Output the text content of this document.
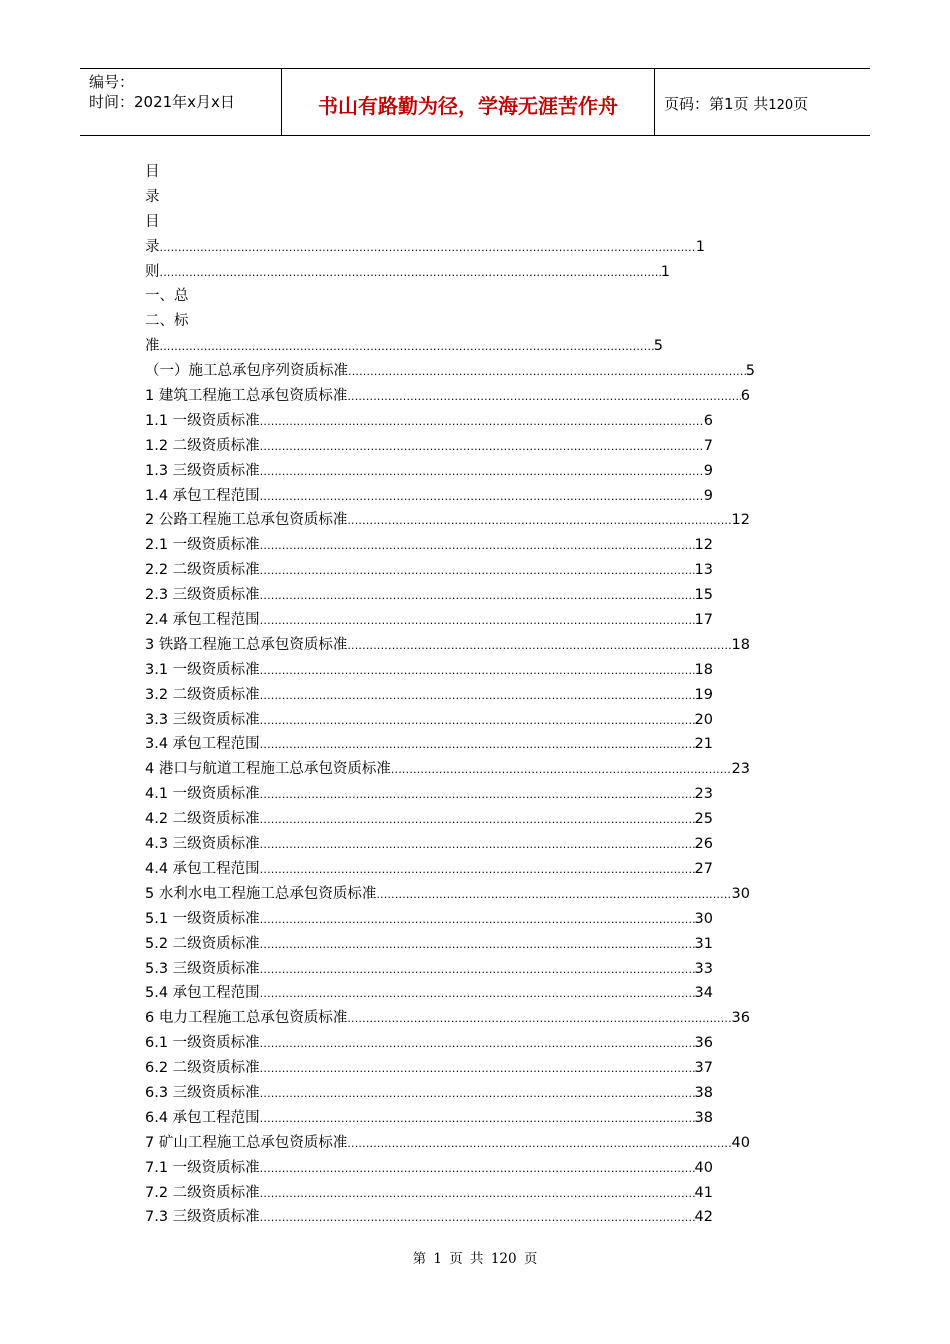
编号：
时间：2021年x月x日	书山有路勤为径，学海无涯苦作舟	页码：第1页 共120页
目
录
目
录 .....	1
则 .....	1
一、总
二、标
准 .....	5
（一）施工总承包序列资质标准 .....	5
1 建筑工程施工总承包资质标准 .....	6
1.1 一级资质标准 .....	6
1.2 二级资质标准 .....	7
1.3 三级资质标准 .....	9
1.4 承包工程范围 .....	9
2 公路工程施工总承包资质标准 .....	12
2.1 一级资质标准 .....	12
2.2 二级资质标准 .....	13
2.3 三级资质标准 .....	15
2.4 承包工程范围 .....	17
3 铁路工程施工总承包资质标准 .....	18
3.1 一级资质标准 .....	18
3.2 二级资质标准 .....	19
3.3 三级资质标准 .....	20
3.4 承包工程范围 .....	21
4 港口与航道工程施工总承包资质标准 .....	23
4.1 一级资质标准 .....	23
4.2 二级资质标准 .....	25
4.3 三级资质标准 .....	26
4.4 承包工程范围 .....	27
5 水利水电工程施工总承包资质标准 .....	30
5.1 一级资质标准 .....	30
5.2 二级资质标准 .....	31
5.3 三级资质标准 .....	33
5.4 承包工程范围 .....	34
6 电力工程施工总承包资质标准 .....	36
6.1 一级资质标准 .....	36
6.2 二级资质标准 .....	37
6.3 三级资质标准 .....	38
6.4 承包工程范围 .....	38
7 矿山工程施工总承包资质标准 .....	40
7.1 一级资质标准 .....	40
7.2 二级资质标准 .....	41
7.3 三级资质标准 .....	42
第 1 页 共 120 页
